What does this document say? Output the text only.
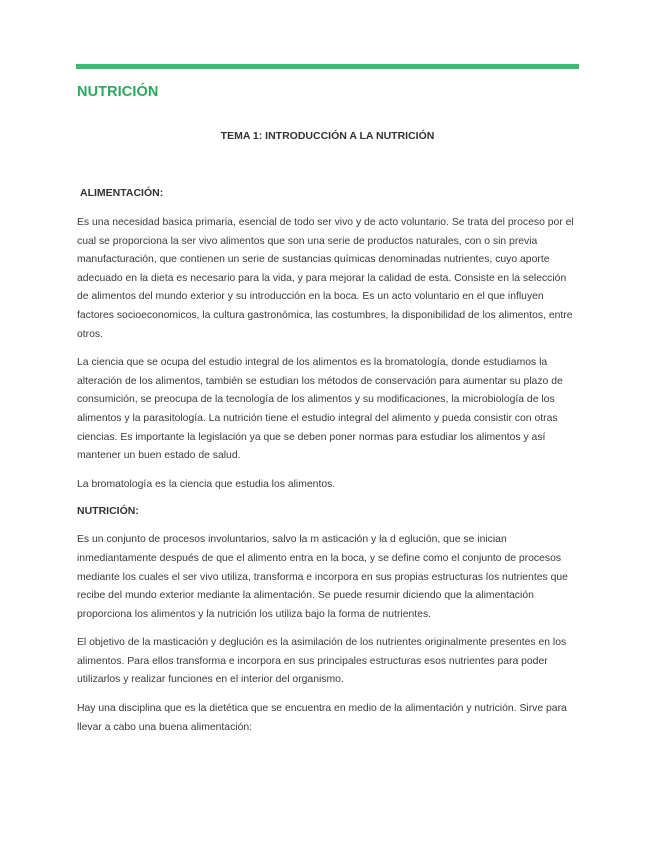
NUTRICIÓN
TEMA 1: INTRODUCCIÓN A LA NUTRICIÓN
ALIMENTACIÓN:

Es una necesidad basica primaria, esencial de todo ser vivo y de acto voluntario. Se trata del proceso por el cual se proporciona la ser vivo alimentos que son una serie de productos naturales, con o sin previa manufacturación, que contienen un serie de sustancias químicas denominadas nutrientes, cuyo aporte adecuado en la dieta es necesario para la vida, y para mejorar la calidad de esta. Consiste en la selección de alimentos del mundo exterior y su introducción en la boca. Es un acto voluntario en el que influyen factores socioeconomicos, la cultura gastronómica, las costumbres, la disponibilidad de los alimentos, entre otros.

La ciencia que se ocupa del estudio integral de los alimentos es la bromatología, donde estudiamos la alteración de los alimentos, también se estudian los métodos de conservación para aumentar su plazo de consumición, se preocupa de la tecnología de los alimentos y su modificaciones, la microbiología de los alimentos y la parasitología. La nutrición tiene el estudio integral del alimento y pueda consistir con otras ciencias. Es importante la legislación ya que se deben poner normas para estudiar los alimentos y así mantener un buen estado de salud.

La bromatología es la ciencia que estudia los alimentos.

NUTRICIÓN:

Es un conjunto de procesos involuntarios, salvo la m asticación y la d eglución, que se inician inmediantamente después de que el alimento entra en la boca, y se define como el conjunto de procesos mediante los cuales el ser vivo utiliza, transforma e incorpora en sus propias estructuras los nutrientes que recibe del mundo exterior mediante la alimentación. Se puede resumir diciendo que la alimentación proporciona los alimentos y la nutrición los utiliza bajo la forma de nutrientes.

El objetivo de la masticación y deglución es la asimilación de los nutrientes originalmente presentes en los alimentos. Para ellos transforma e incorpora en sus principales estructuras esos nutrientes para poder utilizarlos y realizar funciones en el interior del organismo.

Hay una disciplina que es la dietética que se encuentra en medio de la alimentación y nutrición. Sirve para llevar a cabo una buena alimentación:
